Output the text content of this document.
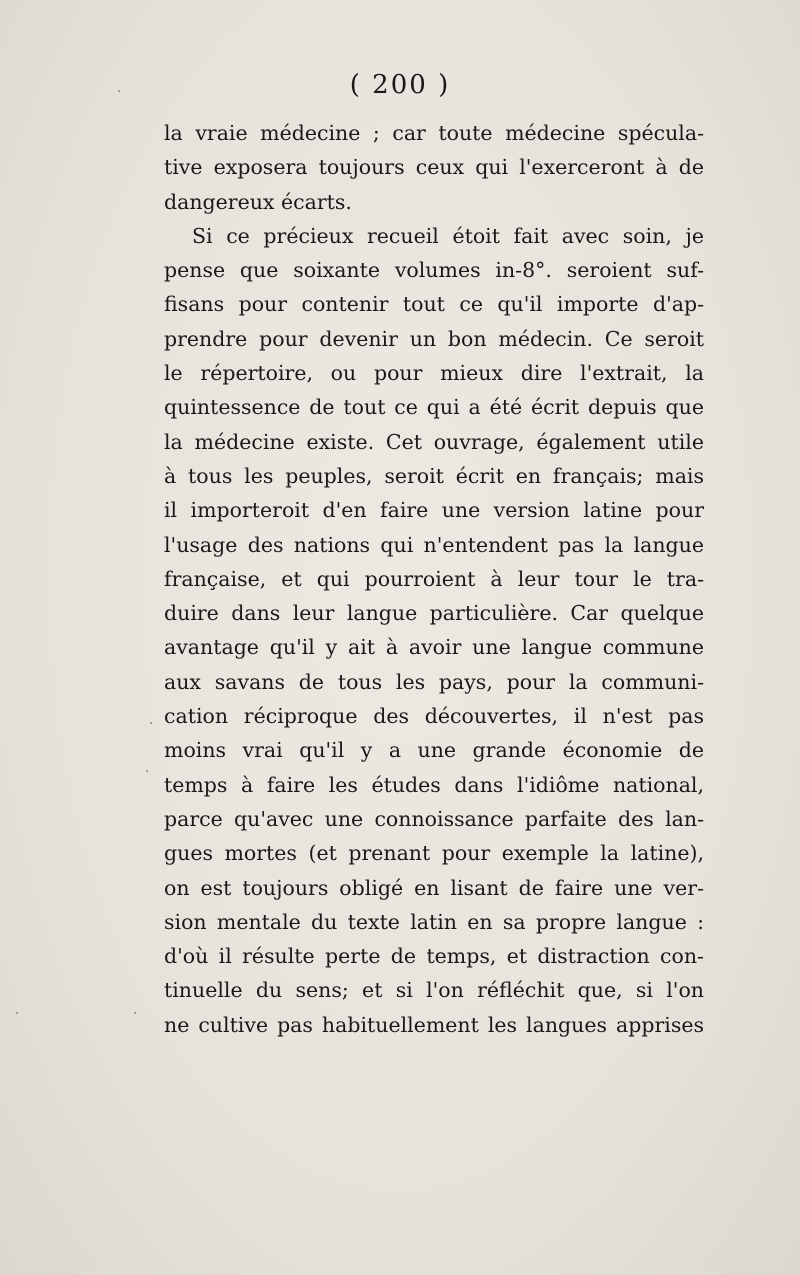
( 200 )
la vraie médecine ; car toute médecine spécula-
tive exposera toujours ceux qui l'exerceront à de
dangereux écarts.
Si ce précieux recueil étoit fait avec soin, je
pense que soixante volumes in-8°. seroient suf-
fisans pour contenir tout ce qu'il importe d'ap-
prendre pour devenir un bon médecin. Ce seroit
le répertoire, ou pour mieux dire l'extrait, la
quintessence de tout ce qui a été écrit depuis que
la médecine existe. Cet ouvrage, également utile
à tous les peuples, seroit écrit en français; mais
il importeroit d'en faire une version latine pour
l'usage des nations qui n'entendent pas la langue
française, et qui pourroient à leur tour le tra-
duire dans leur langue particulière. Car quelque
avantage qu'il y ait à avoir une langue commune
aux savans de tous les pays, pour la communi-
cation réciproque des découvertes, il n'est pas
moins vrai qu'il y a une grande économie de
temps à faire les études dans l'idiôme national,
parce qu'avec une connoissance parfaite des lan-
gues mortes (et prenant pour exemple la latine),
on est toujours obligé en lisant de faire une ver-
sion mentale du texte latin en sa propre langue :
d'où il résulte perte de temps, et distraction con-
tinuelle du sens; et si l'on réfléchit que, si l'on
ne cultive pas habituellement les langues apprises
